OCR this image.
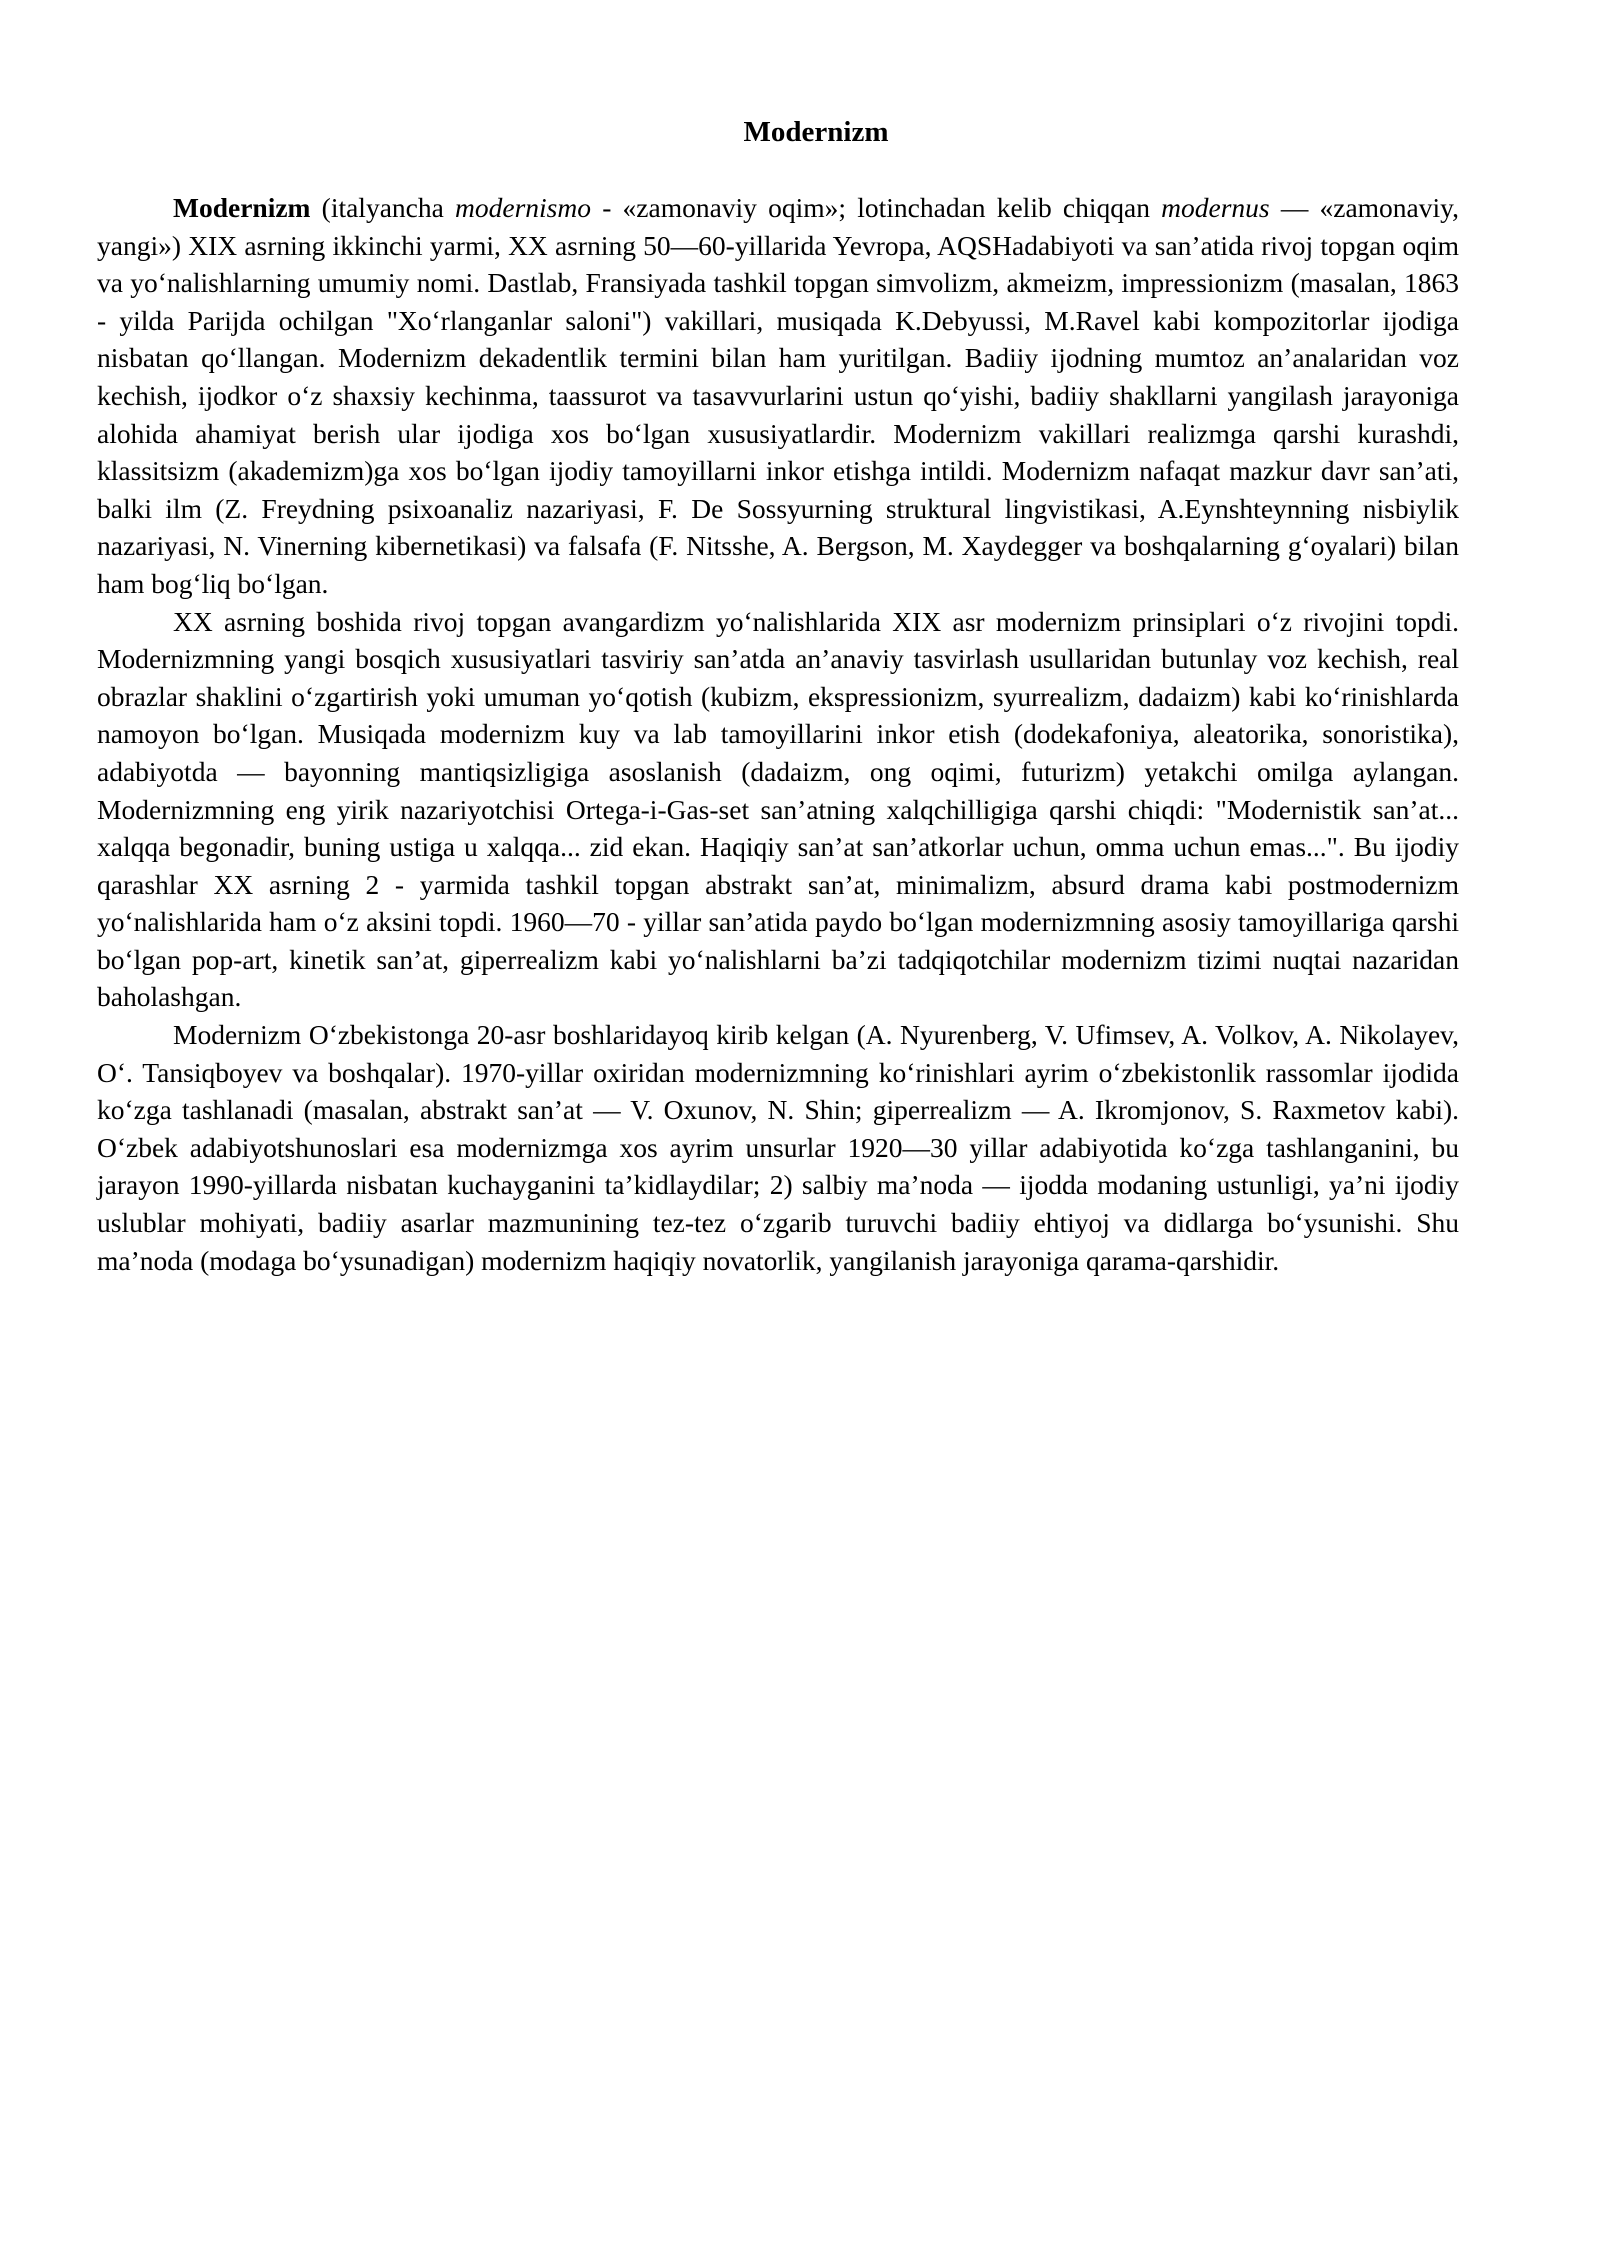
Modernizm

Modernizm (italyancha modernismo - «zamonaviy oqim»; lotinchadan kelib chiqqan modernus — «zamonaviy, yangi») XIX asrning ikkinchi yarmi, XX asrning 50—60-yillarida Yevropa, AQSHadabiyoti va san’atida rivoj topgan oqim va yo‘nalishlarning umumiy nomi. Dastlab, Fransiyada tashkil topgan simvolizm, akmeizm, impressionizm (masalan, 1863 - yilda Parijda ochilgan "Xo‘rlanganlar saloni") vakillari, musiqada K.Debyussi, M.Ravel kabi kompozitorlar ijodiga nisbatan qo‘llangan. Modernizm dekadentlik termini bilan ham yuritilgan. Badiiy ijodning mumtoz an’analaridan voz kechish, ijodkor o‘z shaxsiy kechinma, taassurot va tasavvurlarini ustun qo‘yishi, badiiy shakllarni yangilash jarayoniga alohida ahamiyat berish ular ijodiga xos bo‘lgan xususiyatlardir. Modernizm vakillari realizmga qarshi kurashdi, klassitsizm (akademizm)ga xos bo‘lgan ijodiy tamoyillarni inkor etishga intildi. Modernizm nafaqat mazkur davr san’ati, balki ilm (Z. Freydning psixoanaliz nazariyasi, F. De Sossyurning struktural lingvistikasi, A.Eynshteynning nisbiylik nazariyasi, N. Vinerning kibernetikasi) va falsafa (F. Nitsshe, A. Bergson, M. Xaydegger va boshqalarning g‘oyalari) bilan ham bog‘liq bo‘lgan.

XX asrning boshida rivoj topgan avangardizm yo‘nalishlarida XIX asr modernizm prinsiplari o‘z rivojini topdi. Modernizmning yangi bosqich xususiyatlari tasviriy san’atda an’anaviy tasvirlash usullaridan butunlay voz kechish, real obrazlar shaklini o‘zgartirish yoki umuman yo‘qotish (kubizm, ekspressionizm, syurrealizm, dadaizm) kabi ko‘rinishlarda namoyon bo‘lgan. Musiqada modernizm kuy va lab tamoyillarini inkor etish (dodekafoniya, aleatorika, sonoristika), adabiyotda — bayonning mantiqsizligiga asoslanish (dadaizm, ong oqimi, futurizm) yetakchi omilga aylangan. Modernizmning eng yirik nazariyotchisi Ortega-i-Gas-set san’atning xalqchilligiga qarshi chiqdi: "Modernistik san’at... xalqqa begonadir, buning ustiga u xalqqa... zid ekan. Haqiqiy san’at san’atkorlar uchun, omma uchun emas...". Bu ijodiy qarashlar XX asrning 2 - yarmida tashkil topgan abstrakt san’at, minimalizm, absurd drama kabi postmodernizm yo‘nalishlarida ham o‘z aksini topdi. 1960—70 - yillar san’atida paydo bo‘lgan modernizmning asosiy tamoyillariga qarshi bo‘lgan pop-art, kinetik san’at, giperrealizm kabi yo‘nalishlarni ba’zi tadqiqotchilar modernizm tizimi nuqtai nazaridan baholashgan.

Modernizm O‘zbekistonga 20-asr boshlaridayoq kirib kelgan (A. Nyurenberg, V. Ufimsev, A. Volkov, A. Nikolayev, O‘. Tansiqboyev va boshqalar). 1970-yillar oxiridan modernizmning ko‘rinishlari ayrim o‘zbekistonlik rassomlar ijodida ko‘zga tashlanadi (masalan, abstrakt san’at — V. Oxunov, N. Shin; giperrealizm — A. Ikromjonov, S. Raxmetov kabi). O‘zbek adabiyotshunoslari esa modernizmga xos ayrim unsurlar 1920—30 yillar adabiyotida ko‘zga tashlanganini, bu jarayon 1990-yillarda nisbatan kuchayganini ta’kidlaydilar; 2) salbiy ma’noda — ijodda modaning ustunligi, ya’ni ijodiy uslublar mohiyati, badiiy asarlar mazmunining tez-tez o‘zgarib turuvchi badiiy ehtiyoj va didlarga bo‘ysunishi. Shu ma’noda (modaga bo‘ysunadigan) modernizm haqiqiy novatorlik, yangilanish jarayoniga qarama-qarshidir.
